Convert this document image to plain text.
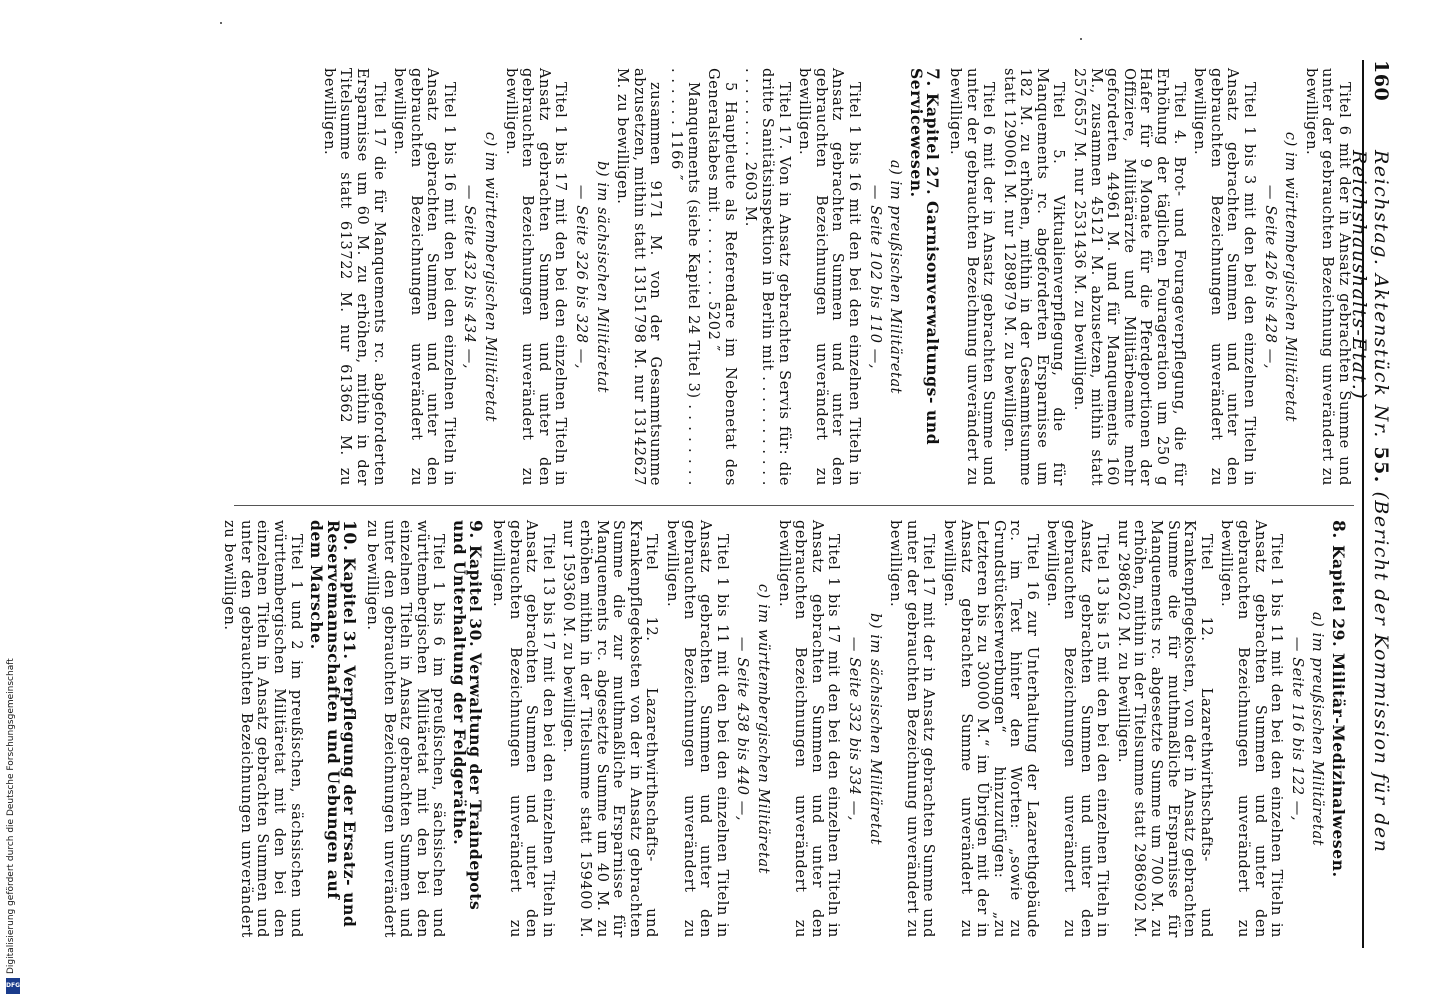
160
Reichstag. Aktenstück Nr. 55. (Bericht der Kommission für den Reichshaushalts-Etat.)
Titel 6 mit der in Ansatz gebrachten Summe und unter der gebrauchten Bezeichnung unverändert zu bewilligen.
c) im württembergischen Militäretat
— Seite 426 bis 428 —,
Titel 1 bis 3 mit den bei den einzelnen Titeln in Ansatz gebrachten Summen und unter den gebrauchten Bezeichnungen unverändert zu bewilligen.
Titel 4. Brot- und Fourageverpflegung, die für Erhöhung der täglichen Fourageration um 250 g Hafer für 9 Monate für die Pferdeportionen der Offiziere, Militärärzte und Militärbeamte mehr geforderten 44961 M. und für Manquements 160 M., zusammen 45121 M. abzusetzen, mithin statt 2576557 M. nur 2531436 M. zu bewilligen.
Titel 5. Viktualienverpflegung, die für Manquements rc. abgeforderten Ersparnisse um 182 M. zu erhöhen, mithin in der Gesammtsumme statt 1290061 M. nur 1289879 M. zu bewilligen.
Titel 6 mit der in Ansatz gebrachten Summe und unter der gebrauchten Bezeichnung unverändert zu bewilligen.
7.Kapitel 27. Garnisonverwaltungs- und Servicewesen.
a) im preußischen Militäretat
— Seite 102 bis 110 —,
Titel 1 bis 16 mit den bei den einzelnen Titeln in Ansatz gebrachten Summen und unter den gebrauchten Bezeichnungen unverändert zu bewilligen.
Titel 17. Von in Ansatz gebrachten Servis für: die dritte Sanitätsinspektion in Berlin mit . . . . . . . . . . . . . . . . . . . . 2603 M.
5 Hauptleute als Referendare im Nebenetat des Generalstabes mit . . . . . . . . 5202 ″
Manquements (siehe Kapitel 24 Titel 3) . . . . . . . . . . . . . . 1166 ″
zusammen 9171 M. von der Gesammtsumme abzusetzen, mithin statt 13151798 M. nur 13142627 M. zu bewilligen.
b) im sächsischen Militäretat
— Seite 326 bis 328 —,
Titel 1 bis 17 mit den bei den einzelnen Titeln in Ansatz gebrachten Summen und unter den gebrauchten Bezeichnungen unverändert zu bewilligen.
c) im württembergischen Militäretat
— Seite 432 bis 434 —,
Titel 1 bis 16 mit den bei den einzelnen Titeln in Ansatz gebrachten Summen und unter den gebrauchten Bezeichnungen unverändert zu bewilligen.
Titel 17 die für Manquements rc. abgeforderten Ersparnisse um 60 M. zu erhöhen, mithin in der Titelsumme statt 613722 M. nur 613662 M. zu bewilligen.
8.Kapitel 29. Militär-Medizinalwesen.
a) im preußischen Militäretat
— Seite 116 bis 122 —,
Titel 1 bis 11 mit den bei den einzelnen Titeln in Ansatz gebrachten Summen und unter den gebrauchten Bezeichnungen unverändert zu bewilligen.
Titel 12. Lazarethwirthschafts- und Krankenpflegekosten, von der in Ansatz gebrachten Summe die für muthmaßliche Ersparnisse für Manquements rc. abgesetzte Summe um 700 M. zu erhöhen, mithin in der Titelsumme statt 2986902 M. nur 2986202 M. zu bewilligen.
Titel 13 bis 15 mit den bei den einzelnen Titeln in Ansatz gebrachten Summen und unter den gebrauchten Bezeichnungen unverändert zu bewilligen.
Titel 16 zur Unterhaltung der Lazarethgebäude rc. im Text hinter den Worten: „sowie zu Grundstückserwerbungen“ hinzuzufügen: „zu Letzteren bis zu 30000 M.“ im Übrigen mit der in Ansatz gebrachten Summe unverändert zu bewilligen.
Titel 17 mit der in Ansatz gebrachten Summe und unter der gebrauchten Bezeichnung unverändert zu bewilligen.
b) im sächsischen Militäretat
— Seite 332 bis 334 —,
Titel 1 bis 17 mit den bei den einzelnen Titeln in Ansatz gebrachten Summen und unter den gebrauchten Bezeichnungen unverändert zu bewilligen.
c) im württembergischen Militäretat
— Seite 438 bis 440 —,
Titel 1 bis 11 mit den bei den einzelnen Titeln in Ansatz gebrachten Summen und unter den gebrauchten Bezeichnungen unverändert zu bewilligen.
Titel 12. Lazarethwirthschafts- und Krankenpflegekosten von der in Ansatz gebrachten Summe die zur muthmaßliche Ersparnisse für Manquements rc. abgesetzte Summe um 40 M. zu erhöhen mithin in der Titelsumme statt 159400 M. nur 159360 M. zu bewilligen.
Titel 13 bis 17 mit den bei den einzelnen Titeln in Ansatz gebrachten Summen und unter den gebrauchten Bezeichnungen unverändert zu bewilligen.
9.Kapitel 30. Verwaltung der Traindepots und Unterhaltung der Feldgeräthe.
Titel 1 bis 6 im preußischen, sächsischen und württembergischen Militäretat mit den bei den einzelnen Titeln in Ansatz gebrachten Summen und unter den gebrauchten Bezeichnungen unverändert zu bewilligen.
10.Kapitel 31. Verpflegung der Ersatz- und Reservemannschaften und Uebungen auf dem Marsche.
Titel 1 und 2 im preußischen, sächsischen und württembergischen Militäretat mit den bei den einzelnen Titeln in Ansatz gebrachten Summen und unter den gebrauchten Bezeichnungen unverändert zu bewilligen.
Digitalisierung gefördert durch die Deutsche Forschungsgemeinschaft
DFG
